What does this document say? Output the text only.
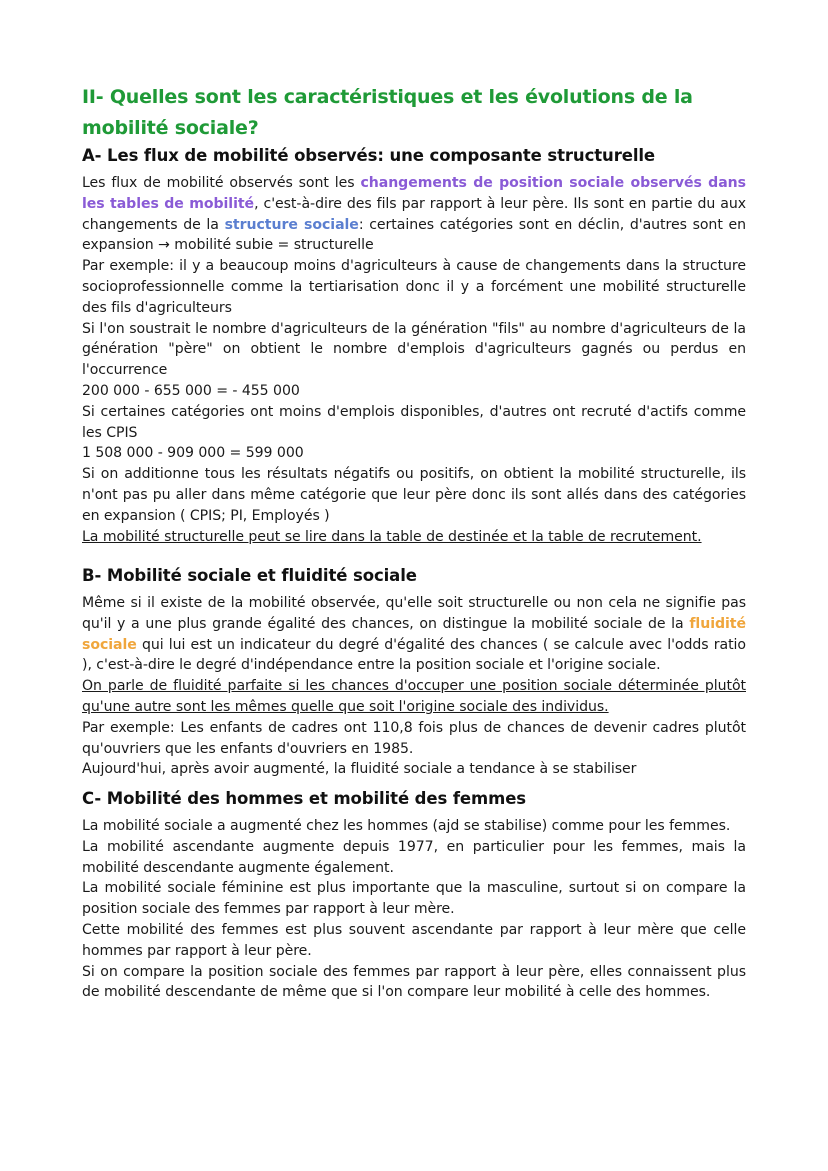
II- Quelles sont les caractéristiques et les évolutions de la mobilité sociale?
A- Les flux de mobilité observés: une composante structurelle

Les flux de mobilité observés sont les changements de position sociale observés dans les tables de mobilité, c'est-à-dire des fils par rapport à leur père. Ils sont en partie du aux changements de la structure sociale: certaines catégories sont en déclin, d'autres sont en expansion → mobilité subie = structurelle

Par exemple: il y a beaucoup moins d'agriculteurs à cause de changements dans la structure socioprofessionnelle comme la tertiarisation donc il y a forcément une mobilité structurelle des fils d'agriculteurs

Si l'on soustrait le nombre d'agriculteurs de la génération "fils" au nombre d'agriculteurs de la génération "père" on obtient le nombre d'emplois d'agriculteurs gagnés ou perdus en l'occurrence

200 000 - 655 000 = - 455 000

Si certaines catégories ont moins d'emplois disponibles, d'autres ont recruté d'actifs comme les CPIS

1 508 000 - 909 000 = 599 000

Si on additionne tous les résultats négatifs ou positifs, on obtient la mobilité structurelle, ils n'ont pas pu aller dans même catégorie que leur père donc ils sont allés dans des catégories en expansion ( CPIS; PI, Employés )

La mobilité structurelle peut se lire dans la table de destinée et la table de recrutement.

B- Mobilité sociale et fluidité sociale

Même si il existe de la mobilité observée, qu'elle soit structurelle ou non cela ne signifie pas qu'il y a une plus grande égalité des chances, on distingue la mobilité sociale de la fluidité sociale qui lui est un indicateur du degré d'égalité des chances ( se calcule avec l'odds ratio ), c'est-à-dire le degré d'indépendance entre la position sociale et l'origine sociale.

On parle de fluidité parfaite si les chances d'occuper une position sociale déterminée plutôt qu'une autre sont les mêmes quelle que soit l'origine sociale des individus.

Par exemple: Les enfants de cadres ont 110,8 fois plus de chances de devenir cadres plutôt qu'ouvriers que les enfants d'ouvriers en 1985.

Aujourd'hui, après avoir augmenté, la fluidité sociale a tendance à se stabiliser

C- Mobilité des hommes et mobilité des femmes

La mobilité sociale a augmenté chez les hommes (ajd se stabilise) comme pour les femmes.

La mobilité ascendante augmente depuis 1977, en particulier pour les femmes, mais la mobilité descendante augmente également.

La mobilité sociale féminine est plus importante que la masculine, surtout si on compare la position sociale des femmes par rapport à leur mère.

Cette mobilité des femmes est plus souvent ascendante par rapport à leur mère que celle hommes par rapport à leur père.

Si on compare la position sociale des femmes par rapport à leur père, elles connaissent plus de mobilité descendante de même que si l'on compare leur mobilité à celle des hommes.
